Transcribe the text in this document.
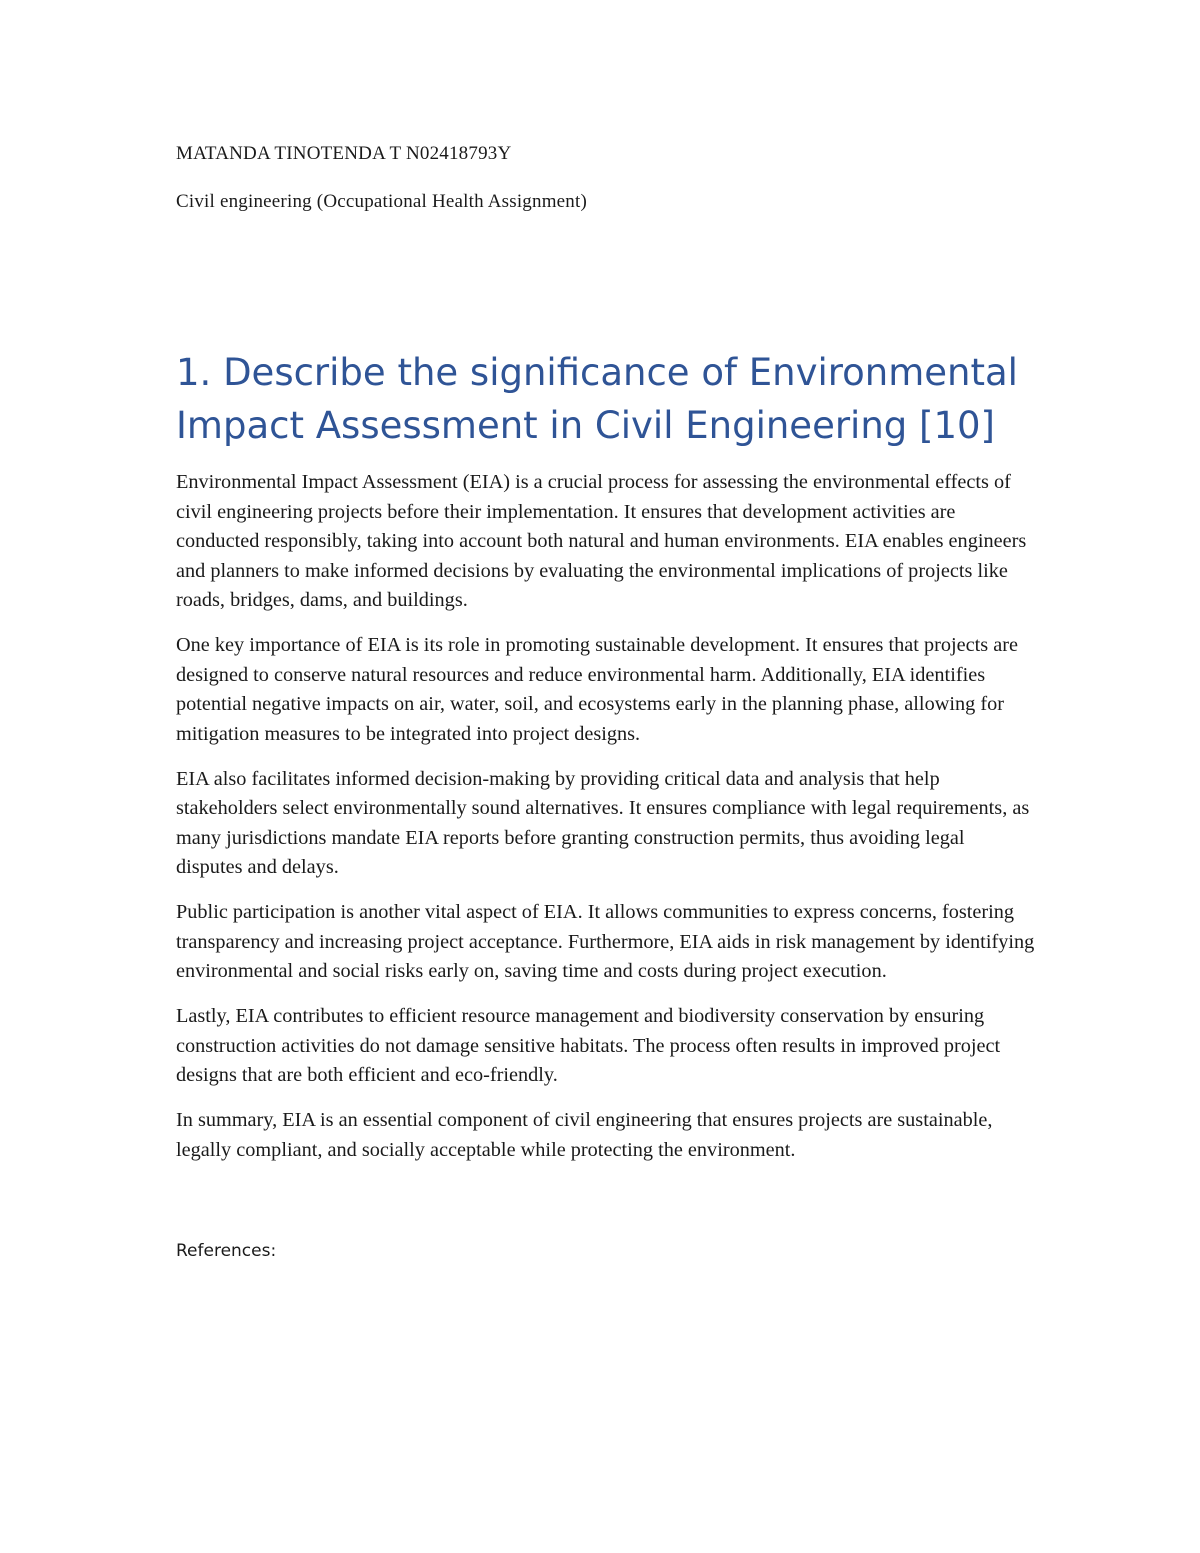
MATANDA TINOTENDA T N02418793Y

Civil engineering (Occupational Health Assignment)

1. Describe the significance of Environmental Impact Assessment in Civil Engineering [10]

Environmental Impact Assessment (EIA) is a crucial process for assessing the environmental effects of civil engineering projects before their implementation. It ensures that development activities are conducted responsibly, taking into account both natural and human environments. EIA enables engineers and planners to make informed decisions by evaluating the environmental implications of projects like roads, bridges, dams, and buildings.

One key importance of EIA is its role in promoting sustainable development. It ensures that projects are designed to conserve natural resources and reduce environmental harm. Additionally, EIA identifies potential negative impacts on air, water, soil, and ecosystems early in the planning phase, allowing for mitigation measures to be integrated into project designs.

EIA also facilitates informed decision-making by providing critical data and analysis that help stakeholders select environmentally sound alternatives. It ensures compliance with legal requirements, as many jurisdictions mandate EIA reports before granting construction permits, thus avoiding legal disputes and delays.

Public participation is another vital aspect of EIA. It allows communities to express concerns, fostering transparency and increasing project acceptance. Furthermore, EIA aids in risk management by identifying environmental and social risks early on, saving time and costs during project execution.

Lastly, EIA contributes to efficient resource management and biodiversity conservation by ensuring construction activities do not damage sensitive habitats. The process often results in improved project designs that are both efficient and eco-friendly.

In summary, EIA is an essential component of civil engineering that ensures projects are sustainable, legally compliant, and socially acceptable while protecting the environment.

References:
